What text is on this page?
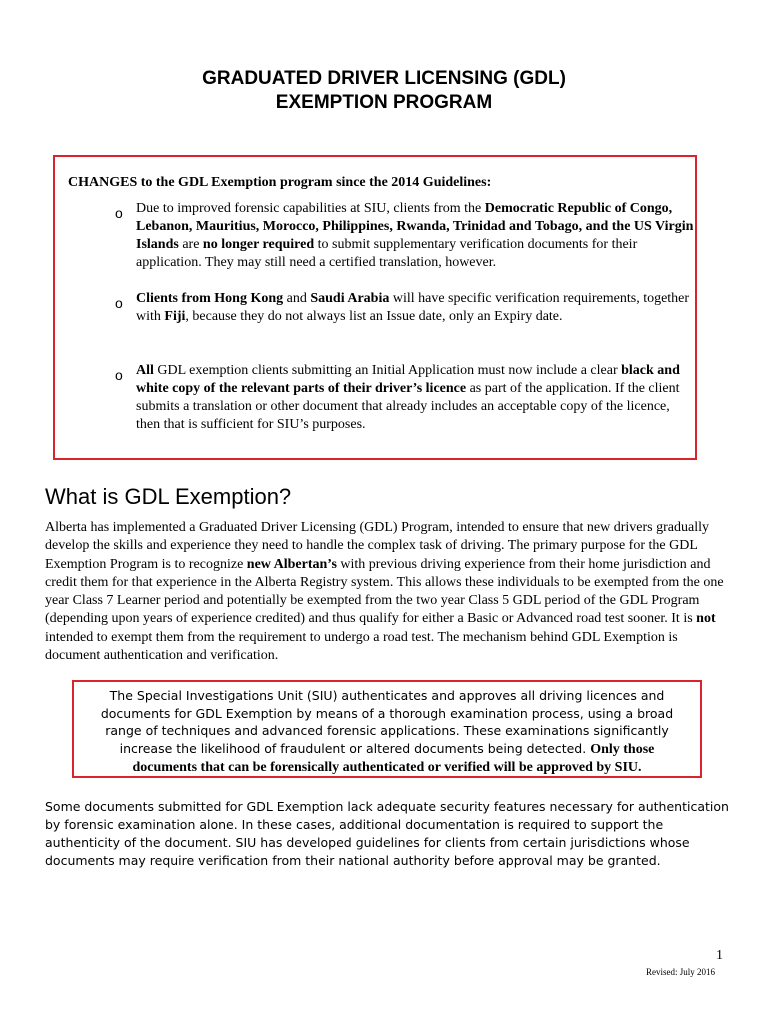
GRADUATED DRIVER LICENSING (GDL)
EXEMPTION PROGRAM
CHANGES to the GDL Exemption program since the 2014 Guidelines:
o Due to improved forensic capabilities at SIU, clients from the Democratic Republic of Congo, Lebanon, Mauritius, Morocco, Philippines, Rwanda, Trinidad and Tobago, and the US Virgin Islands are no longer required to submit supplementary verification documents for their application. They may still need a certified translation, however.
o Clients from Hong Kong and Saudi Arabia will have specific verification requirements, together with Fiji, because they do not always list an Issue date, only an Expiry date.
o All GDL exemption clients submitting an Initial Application must now include a clear black and white copy of the relevant parts of their driver’s licence as part of the application. If the client submits a translation or other document that already includes an acceptable copy of the licence, then that is sufficient for SIU’s purposes.
What is GDL Exemption?
Alberta has implemented a Graduated Driver Licensing (GDL) Program, intended to ensure that new drivers gradually develop the skills and experience they need to handle the complex task of driving. The primary purpose for the GDL Exemption Program is to recognize new Albertan’s with previous driving experience from their home jurisdiction and credit them for that experience in the Alberta Registry system. This allows these individuals to be exempted from the one year Class 7 Learner period and potentially be exempted from the two year Class 5 GDL period of the GDL Program (depending upon years of experience credited) and thus qualify for either a Basic or Advanced road test sooner. It is not intended to exempt them from the requirement to undergo a road test. The mechanism behind GDL Exemption is document authentication and verification.

The Special Investigations Unit (SIU) authenticates and approves all driving licences and documents for GDL Exemption by means of a thorough examination process, using a broad range of techniques and advanced forensic applications. These examinations significantly increase the likelihood of fraudulent or altered documents being detected. Only those documents that can be forensically authenticated or verified will be approved by SIU.

Some documents submitted for GDL Exemption lack adequate security features necessary for authentication by forensic examination alone. In these cases, additional documentation is required to support the authenticity of the document. SIU has developed guidelines for clients from certain jurisdictions whose documents may require verification from their national authority before approval may be granted.
1
Revised: July 2016
